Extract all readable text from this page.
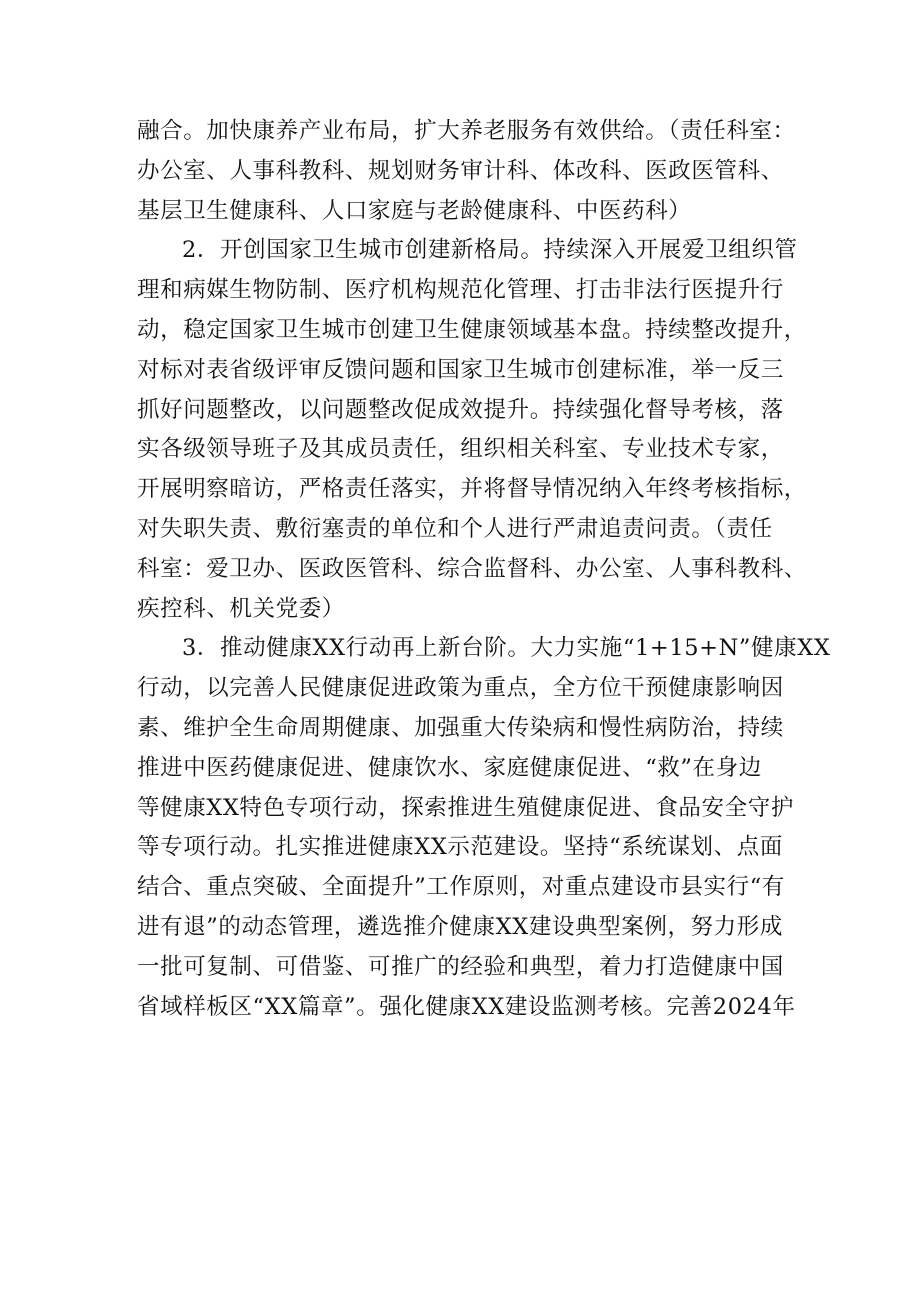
融合。加快康养产业布局，扩大养老服务有效供给。（责任科室：
办公室、人事科教科、规划财务审计科、体改科、医政医管科、
基层卫生健康科、人口家庭与老龄健康科、中医药科）
2．开创国家卫生城市创建新格局。持续深入开展爱卫组织管
理和病媒生物防制、医疗机构规范化管理、打击非法行医提升行
动，稳定国家卫生城市创建卫生健康领域基本盘。持续整改提升，
对标对表省级评审反馈问题和国家卫生城市创建标准，举一反三
抓好问题整改，以问题整改促成效提升。持续强化督导考核，落
实各级领导班子及其成员责任，组织相关科室、专业技术专家，
开展明察暗访，严格责任落实，并将督导情况纳入年终考核指标，
对失职失责、敷衍塞责的单位和个人进行严肃追责问责。（责任
科室：爱卫办、医政医管科、综合监督科、办公室、人事科教科、
疾控科、机关党委）
3．推动健康XX行动再上新台阶。大力实施“1+15+N”健康XX
行动，以完善人民健康促进政策为重点，全方位干预健康影响因
素、维护全生命周期健康、加强重大传染病和慢性病防治，持续
推进中医药健康促进、健康饮水、家庭健康促进、“救”在身边
等健康XX特色专项行动，探索推进生殖健康促进、食品安全守护
等专项行动。扎实推进健康XX示范建设。坚持“系统谋划、点面
结合、重点突破、全面提升”工作原则，对重点建设市县实行“有
进有退”的动态管理，遴选推介健康XX建设典型案例，努力形成
一批可复制、可借鉴、可推广的经验和典型，着力打造健康中国
省域样板区“XX篇章”。强化健康XX建设监测考核。完善2024年
